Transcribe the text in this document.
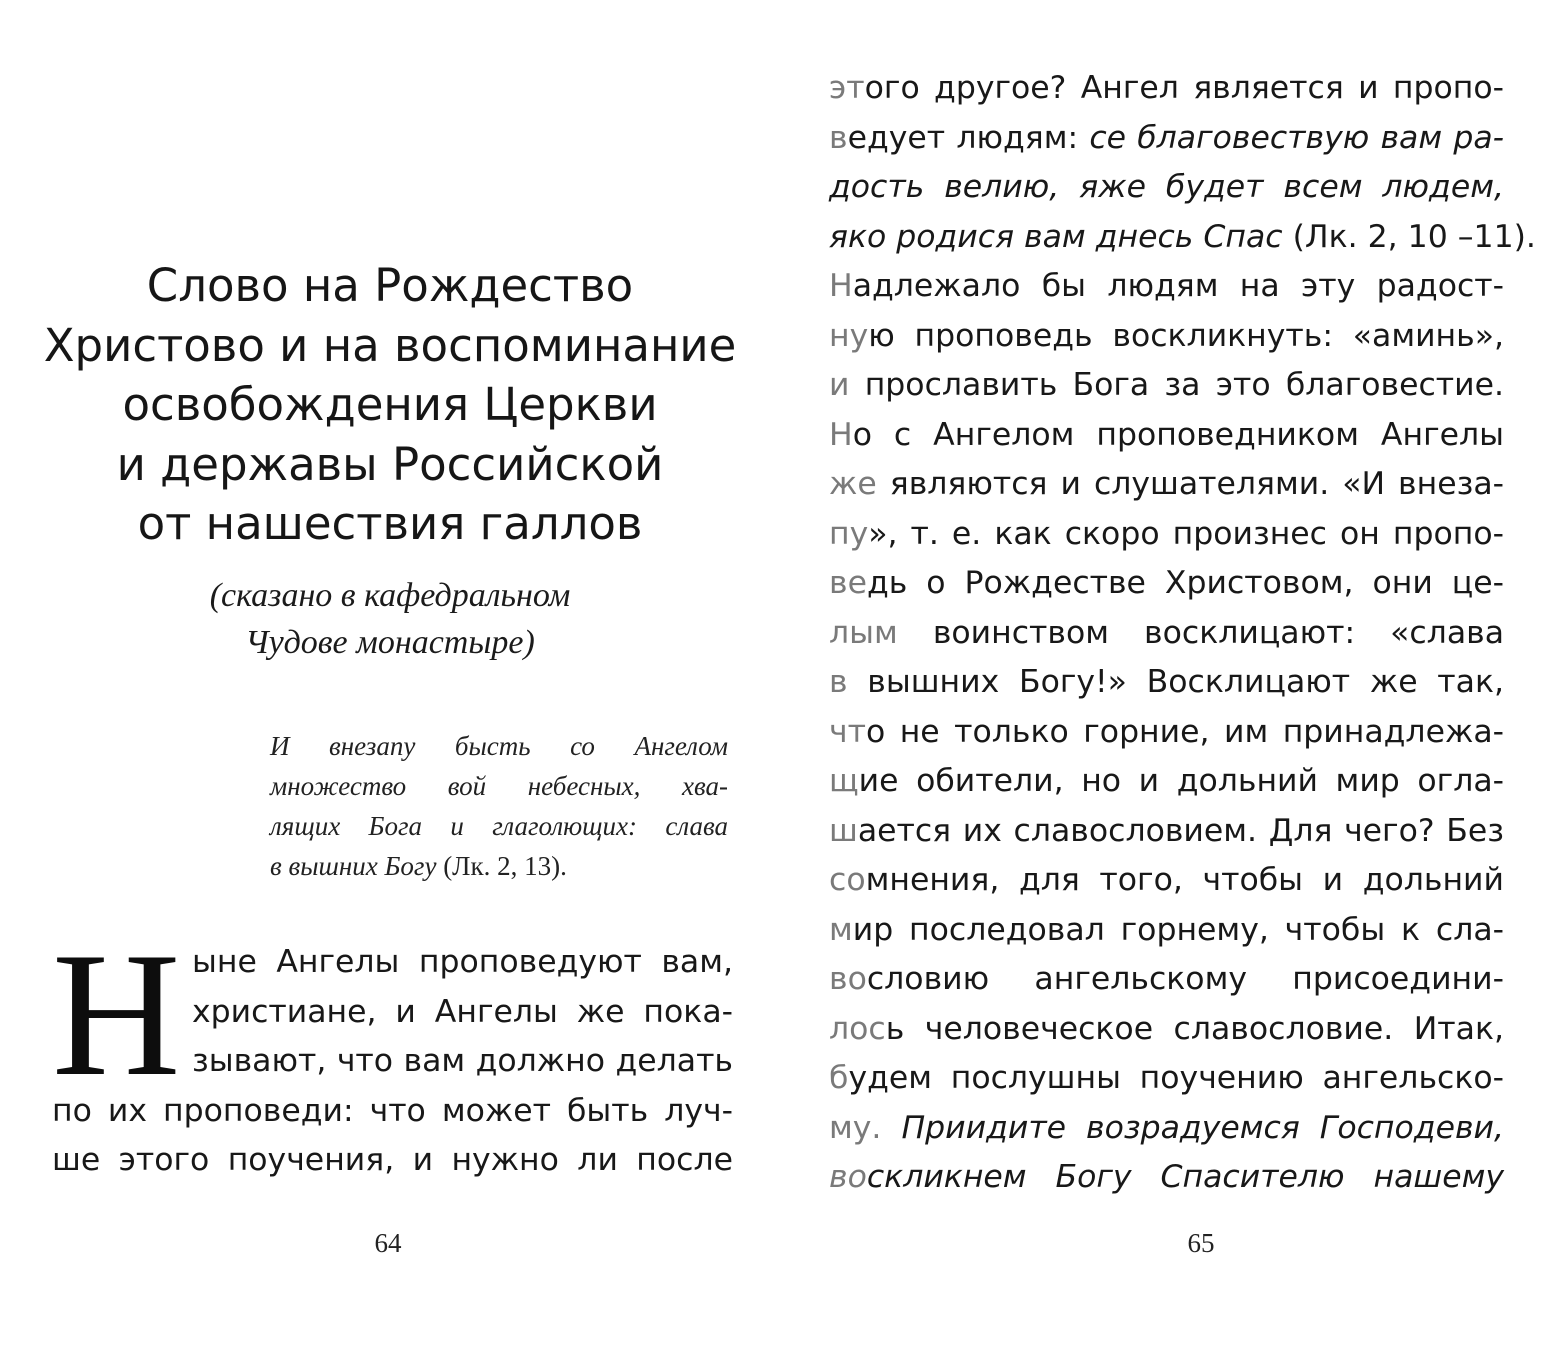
Слово на Рождество
Христово и на воспоминание
освобождения Церкви
и державы Российской
от нашествия галлов
(сказано в кафедральном
Чудове монастыре)
И внезапу бысть со Ангелом
множество вой небесных, хва-
лящих Бога и глаголющих: слава
в вышних Богу (Лк. 2, 13).
Н ыне Ангелы проповедуют вам,
христиане, и Ангелы же пока-
зывают, что вам должно делать
по их проповеди: что может быть луч-
ше этого поучения, и нужно ли после
64
этого другое? Ангел является и пропо-
ведует людям: се благовествую вам ра-
дость велию, яже будет всем людем,
яко родися вам днесь Спас (Лк. 2, 10 –11).
Надлежало бы людям на эту радост-
ную проповедь воскликнуть: «аминь»,
и прославить Бога за это благовестие.
Но с Ангелом проповедником Ангелы
же являются и слушателями. «И внеза-
пу», т. е. как скоро произнес он пропо-
ведь о Рождестве Христовом, они це-
лым воинством восклицают: «слава
в вышних Богу!» Восклицают же так,
что не только горние, им принадлежа-
щие обители, но и дольний мир огла-
шается их славословием. Для чего? Без
сомнения, для того, чтобы и дольний
мир последовал горнему, чтобы к сла-
вословию ангельскому присоедини-
лось человеческое славословие. Итак,
будем послушны поучению ангельско-
му. Приидите возрадуемся Господеви,
воскликнем Богу Спасителю нашему
65
